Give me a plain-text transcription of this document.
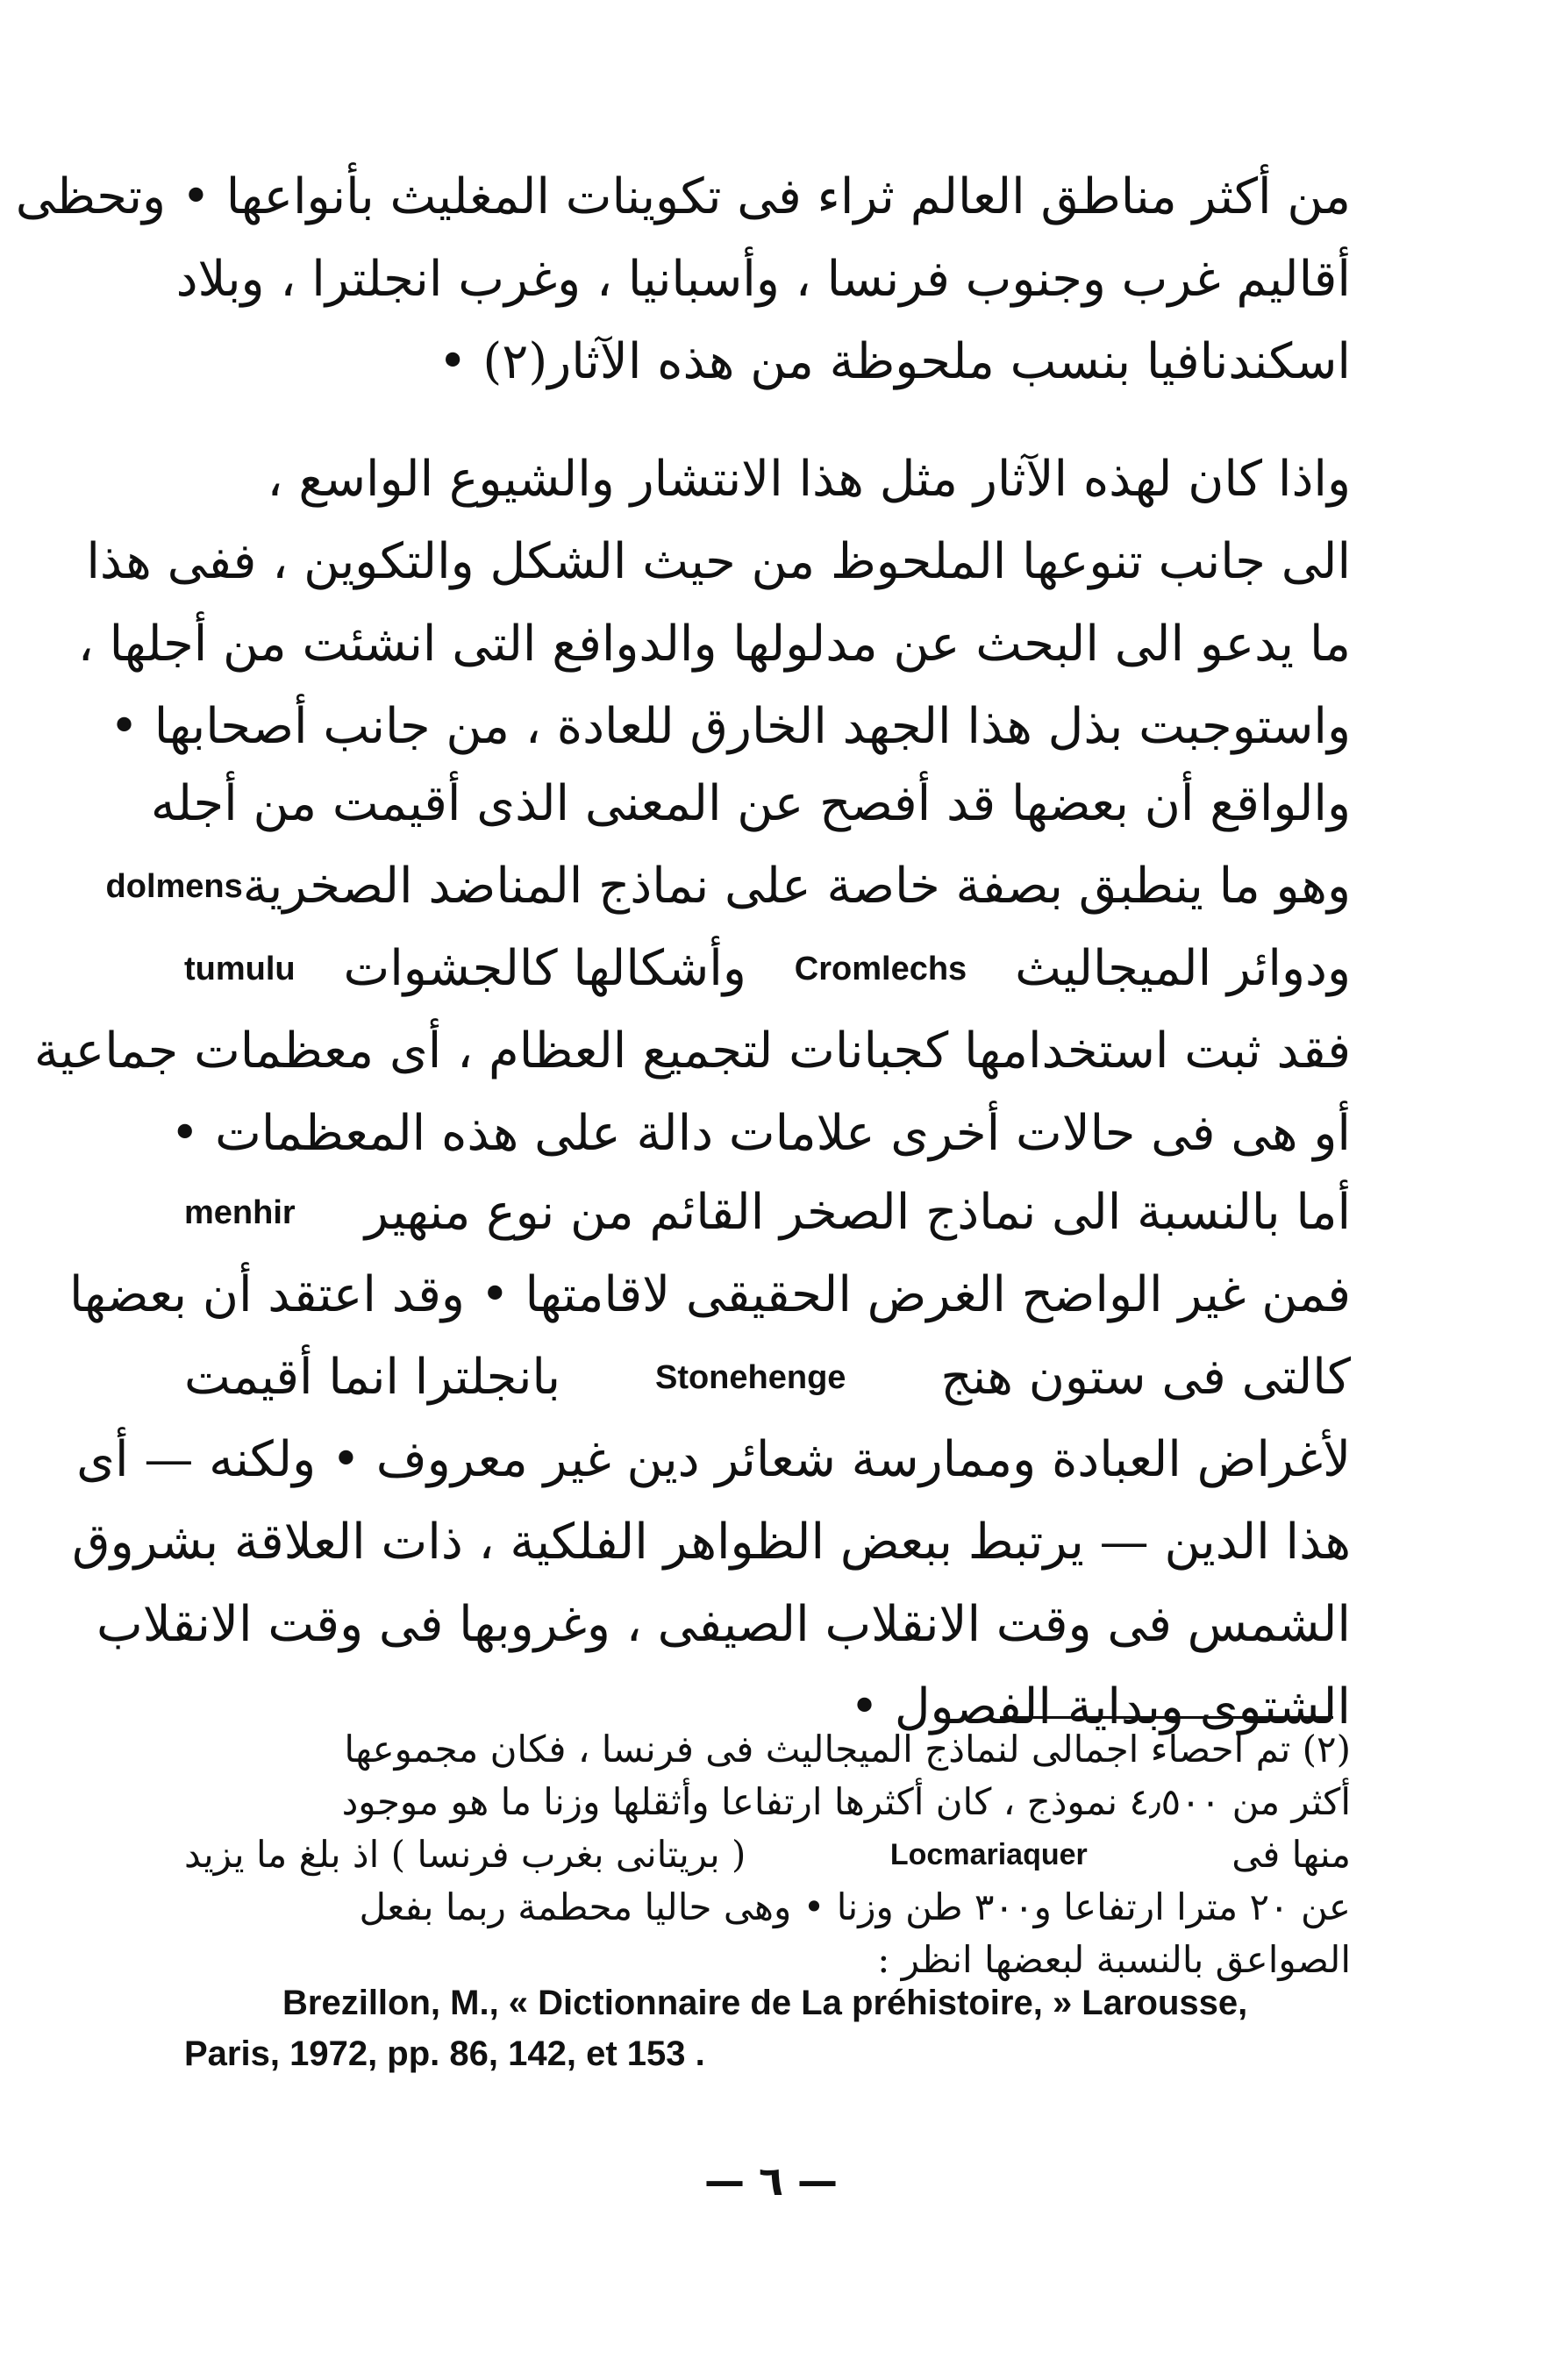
من أكثر مناطق العالم ثراء فى تكوينات المغليث بأنواعها • وتحظى
أقاليم غرب وجنوب فرنسا ، وأسبانيا ، وغرب انجلترا ، وبلاد
اسكندنافيا بنسب ملحوظة من هذه الآثار(٢) •
واذا كان لهذه الآثار مثل هذا الانتشار والشيوع الواسع ،
الى جانب تنوعها الملحوظ من حيث الشكل والتكوين ، ففى هذا
ما يدعو الى البحث عن مدلولها والدوافع التى انشئت من أجلها ،
واستوجبت بذل هذا الجهد الخارق للعادة ، من جانب أصحابها •
والواقع أن بعضها قد أفصح عن المعنى الذى أقيمت من أجله
وهو ما ينطبق بصفة خاصة على نماذج المناضد الصخرية
dolmens
ودوائر الميجاليث
Cromlechs
وأشكالها كالجشوات
tumulu
فقد ثبت استخدامها كجبانات لتجميع العظام ، أى معظمات جماعية
أو هى فى حالات أخرى علامات دالة على هذه المعظمات •
أما بالنسبة الى نماذج الصخر القائم من نوع منهير
menhir
فمن غير الواضح الغرض الحقيقى لاقامتها • وقد اعتقد أن بعضها
كالتى فى ستون هنج
Stonehenge
بانجلترا انما أقيمت
لأغراض العبادة وممارسة شعائر دين غير معروف • ولكنه — أى
هذا الدين — يرتبط ببعض الظواهر الفلكية ، ذات العلاقة بشروق
الشمس فى وقت الانقلاب الصيفى ، وغروبها فى وقت الانقلاب
الشتوى وبداية الفصول •
(٢) تم احصاء اجمالى لنماذج الميجاليث فى فرنسا ، فكان مجموعها
أكثر من ٤٫٥٠٠ نموذج ، كان أكثرها ارتفاعا وأثقلها وزنا ما هو موجود
منها فى
Locmariaquer
( بريتانى بغرب فرنسا ) اذ بلغ ما يزيد
عن ٢٠ مترا ارتفاعا و٣٠٠ طن وزنا • وهى حاليا محطمة ربما بفعل
الصواعق بالنسبة لبعضها انظر :
Brezillon, M., « Dictionnaire de La préhistoire, » Larousse,
Paris, 1972, pp. 86, 142, et 153 .
— ٦ —
